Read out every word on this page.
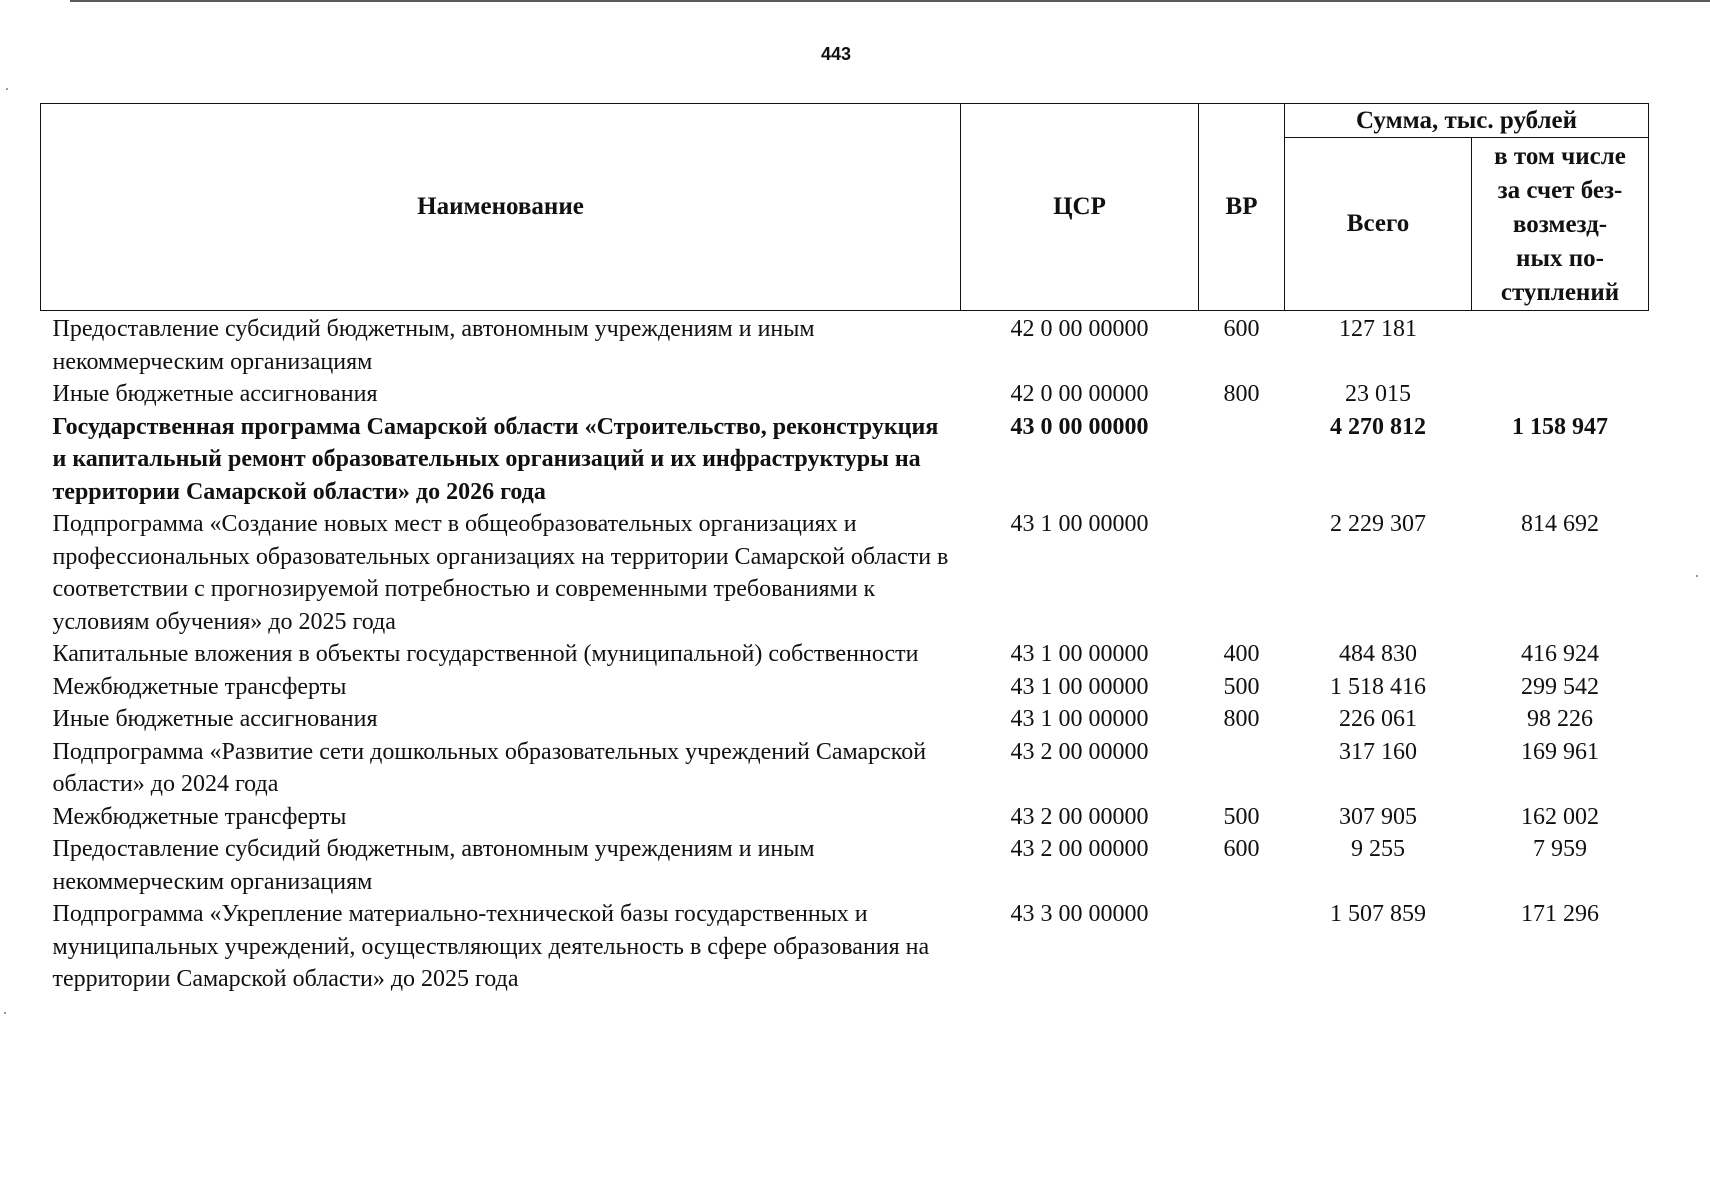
443
Наименование	ЦСР	ВР	Сумма, тыс. рублей	
			Всего	в том числе
за счет без-
возмезд-
ных по-
ступлений

Предоставление субсидий бюджетным, автономным учреждениям и иным некоммерческим организациям	42 0 00 00000	600	127 181	
Иные бюджетные ассигнования	42 0 00 00000	800	23 015	
Государственная программа Самарской области «Строительство, реконструкция и капитальный ремонт образовательных организаций и их инфраструктуры на территории Самарской области» до 2026 года	43 0 00 00000		4 270 812	1 158 947
Подпрограмма «Создание новых мест в общеобразовательных организациях и профессиональных образовательных организациях на территории Самарской области в соответствии с прогнозируемой потребностью и современными требованиями к условиям обучения» до 2025 года	43 1 00 00000		2 229 307	814 692
Капитальные вложения в объекты государственной (муниципальной) собственности	43 1 00 00000	400	484 830	416 924
Межбюджетные трансферты	43 1 00 00000	500	1 518 416	299 542
Иные бюджетные ассигнования	43 1 00 00000	800	226 061	98 226
Подпрограмма «Развитие сети дошкольных образовательных учреждений Самарской области» до 2024 года	43 2 00 00000		317 160	169 961
Межбюджетные трансферты	43 2 00 00000	500	307 905	162 002
Предоставление субсидий бюджетным, автономным учреждениям и иным некоммерческим организациям	43 2 00 00000	600	9 255	7 959
Подпрограмма «Укрепление материально-технической базы государственных и муниципальных учреждений, осуществляющих деятельность в сфере образования на территории Самарской области» до 2025 года	43 3 00 00000		1 507 859	171 296
